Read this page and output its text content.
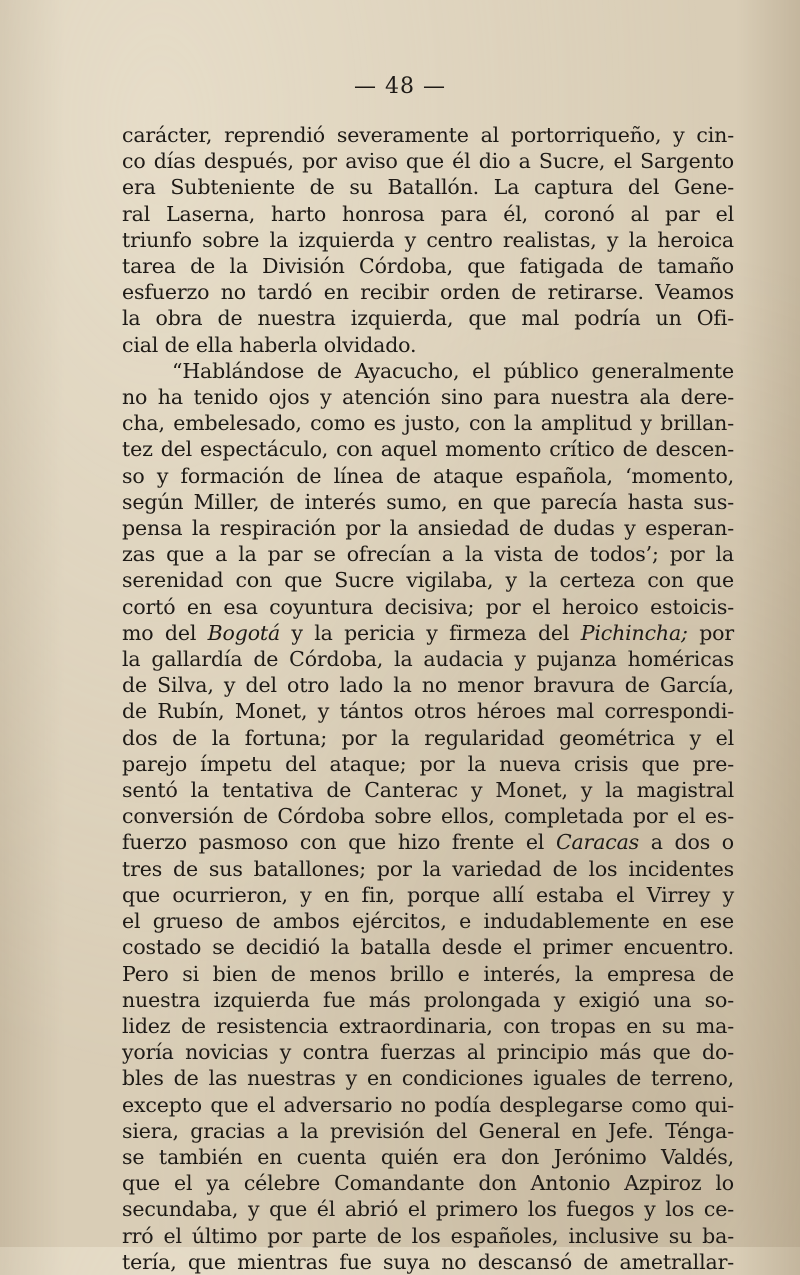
— 48 —
carácter, reprendió severamente al portorriqueño, y cin-
co días después, por aviso que él dio a Sucre, el Sargento
era Subteniente de su Batallón. La captura del Gene-
ral Laserna, harto honrosa para él, coronó al par el
triunfo sobre la izquierda y centro realistas, y la heroica
tarea de la División Córdoba, que fatigada de tamaño
esfuerzo no tardó en recibir orden de retirarse. Veamos
la obra de nuestra izquierda, que mal podría un Ofi-
cial de ella haberla olvidado.
“Hablándose de Ayacucho, el público generalmente
no ha tenido ojos y atención sino para nuestra ala dere-
cha, embelesado, como es justo, con la amplitud y brillan-
tez del espectáculo, con aquel momento crítico de descen-
so y formación de línea de ataque española, ‘momento,
según Miller, de interés sumo, en que parecía hasta sus-
pensa la respiración por la ansiedad de dudas y esperan-
zas que a la par se ofrecían a la vista de todos’; por la
serenidad con que Sucre vigilaba, y la certeza con que
cortó en esa coyuntura decisiva; por el heroico estoicis-
mo del Bogotá y la pericia y firmeza del Pichincha; por
la gallardía de Córdoba, la audacia y pujanza homéricas
de Silva, y del otro lado la no menor bravura de García,
de Rubín, Monet, y tántos otros héroes mal correspondi-
dos de la fortuna; por la regularidad geométrica y el
parejo ímpetu del ataque; por la nueva crisis que pre-
sentó la tentativa de Canterac y Monet, y la magistral
conversión de Córdoba sobre ellos, completada por el es-
fuerzo pasmoso con que hizo frente el Caracas a dos o
tres de sus batallones; por la variedad de los incidentes
que ocurrieron, y en fin, porque allí estaba el Virrey y
el grueso de ambos ejércitos, e indudablemente en ese
costado se decidió la batalla desde el primer encuentro.
Pero si bien de menos brillo e interés, la empresa de
nuestra izquierda fue más prolongada y exigió una so-
lidez de resistencia extraordinaria, con tropas en su ma-
yoría novicias y contra fuerzas al principio más que do-
bles de las nuestras y en condiciones iguales de terreno,
excepto que el adversario no podía desplegarse como qui-
siera, gracias a la previsión del General en Jefe. Ténga-
se también en cuenta quién era don Jerónimo Valdés,
que el ya célebre Comandante don Antonio Azpiroz lo
secundaba, y que él abrió el primero los fuegos y los ce-
rró el último por parte de los españoles, inclusive su ba-
tería, que mientras fue suya no descansó de ametrallar-
